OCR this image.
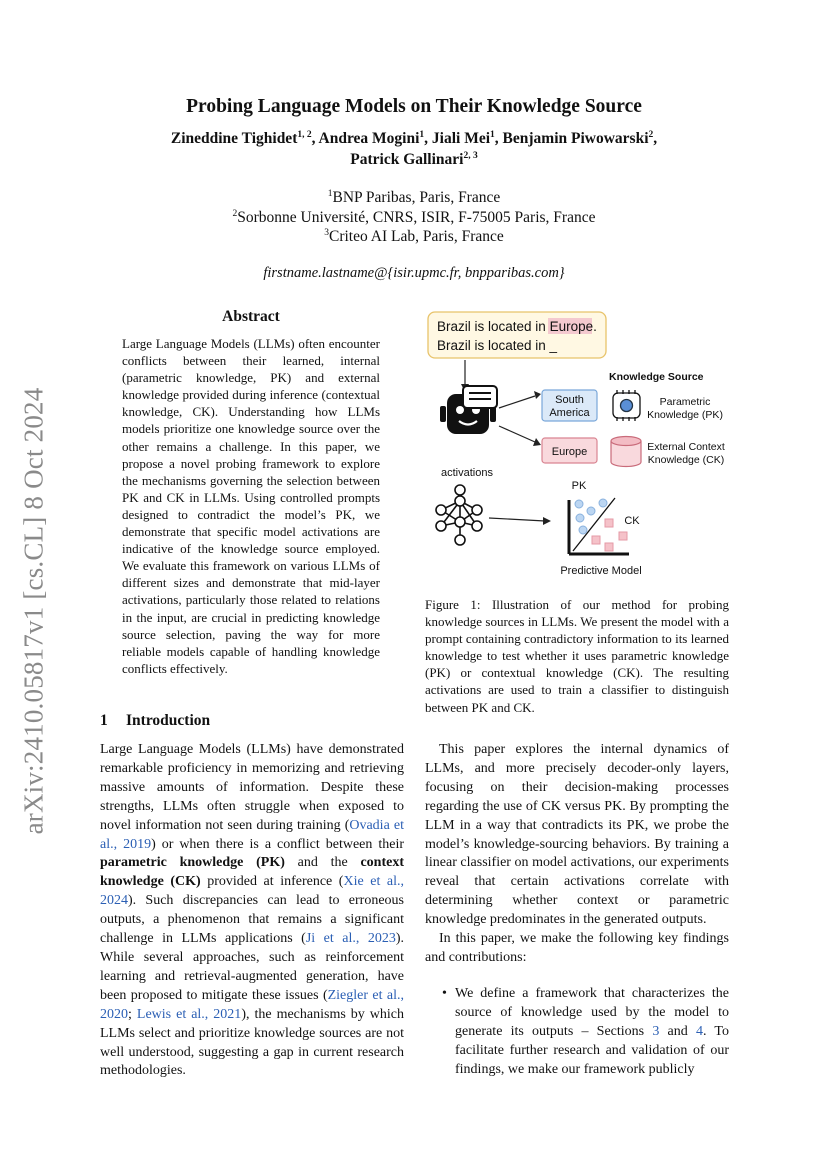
arXiv:2410.05817v1 [cs.CL] 8 Oct 2024
Probing Language Models on Their Knowledge Source
Zineddine Tighidet$^{1, 2}$, Andrea Mogini$^1$, Jiali Mei$^1$, Benjamin Piwowarski$^2$,
Patrick Gallinari$^{2, 3}$
$^1$BNP Paribas, Paris, France
$^2$Sorbonne Université, CNRS, ISIR, F-75005 Paris, France
$^3$Criteo AI Lab, Paris, France
firstname.lastname@{isir.upmc.fr, bnpparibas.com}
Abstract
Large Language Models (LLMs) often encounter conflicts between their learned, internal (parametric knowledge, PK) and external knowledge provided during inference (contextual knowledge, CK). Understanding how LLMs models prioritize one knowledge source over the other remains a challenge. In this paper, we propose a novel probing framework to explore the mechanisms governing the selection between PK and CK in LLMs. Using controlled prompts designed to contradict the model’s PK, we demonstrate that specific model activations are indicative of the knowledge source employed. We evaluate this framework on various LLMs of different sizes and demonstrate that mid-layer activations, particularly those related to relations in the input, are crucial in predicting knowledge source selection, paving the way for more reliable models capable of handling knowledge conflicts effectively.
Brazil is located in Europe.
Brazil is located in _
South
America
Europe
Knowledge Source
Parametric
Knowledge (PK)
External Context
Knowledge (CK)
activations
PK
CK
Predictive Model
Figure 1: Illustration of our method for probing knowledge sources in LLMs. We present the model with a prompt containing contradictory information to its learned knowledge to test whether it uses parametric knowledge (PK) or contextual knowledge (CK). The resulting activations are used to train a classifier to distinguish between PK and CK.
1 Introduction

Large Language Models (LLMs) have demonstrated remarkable proficiency in memorizing and retrieving massive amounts of information. Despite these strengths, LLMs often struggle when exposed to novel information not seen during training (Ovadia et al., 2019) or when there is a conflict between their parametric knowledge (PK) and the context knowledge (CK) provided at inference (Xie et al., 2024). Such discrepancies can lead to erroneous outputs, a phenomenon that remains a significant challenge in LLMs applications (Ji et al., 2023). While several approaches, such as reinforcement learning and retrieval-augmented generation, have been proposed to mitigate these issues (Ziegler et al., 2020; Lewis et al., 2021), the mechanisms by which LLMs select and prioritize knowledge sources are not well understood, suggesting a gap in current research methodologies.

This paper explores the internal dynamics of LLMs, and more precisely decoder-only layers, focusing on their decision-making processes regarding the use of CK versus PK. By prompting the LLM in a way that contradicts its PK, we probe the model’s knowledge-sourcing behaviors. By training a linear classifier on model activations, our experiments reveal that certain activations correlate with determining whether context or parametric knowledge predominates in the generated outputs.

In this paper, we make the following key findings and contributions:

• We define a framework that characterizes the source of knowledge used by the model to generate its outputs – Sections 3 and 4. To facilitate further research and validation of our findings, we make our framework publicly
